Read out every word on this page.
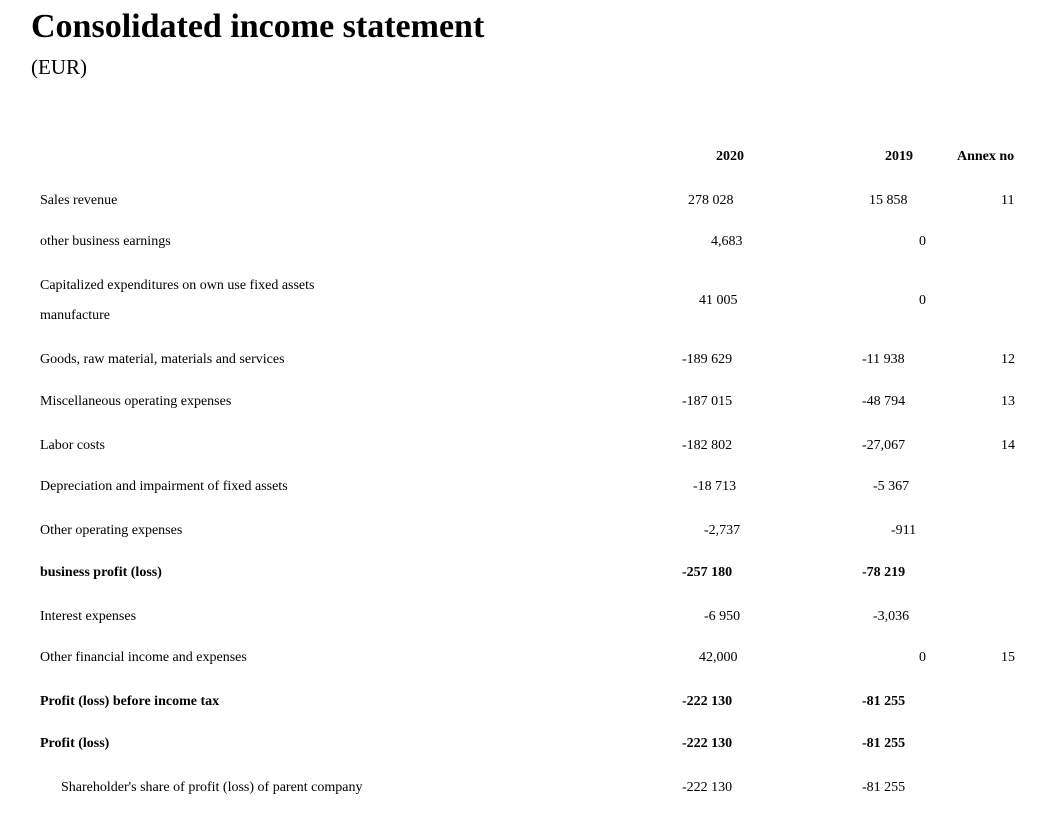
Consolidated income statement
(EUR)
2020	2019	Annex no
Sales revenue	278 028	15 858	11
other business earnings	4,683	0
Capitalized expenditures on own use fixed assets
manufacture
41 005	0
Goods, raw material, materials and services	-189 629	-11 938	12
Miscellaneous operating expenses	-187 015	-48 794	13
Labor costs	-182 802	-27,067	14
Depreciation and impairment of fixed assets	-18 713	-5 367
Other operating expenses	-2,737	-911
business profit (loss)	-257 180	-78 219
Interest expenses	-6 950	-3,036
Other financial income and expenses	42,000	0	15
Profit (loss) before income tax	-222 130	-81 255
Profit (loss)	-222 130	-81 255
Shareholder's share of profit (loss) of parent company	-222 130	-81 255
